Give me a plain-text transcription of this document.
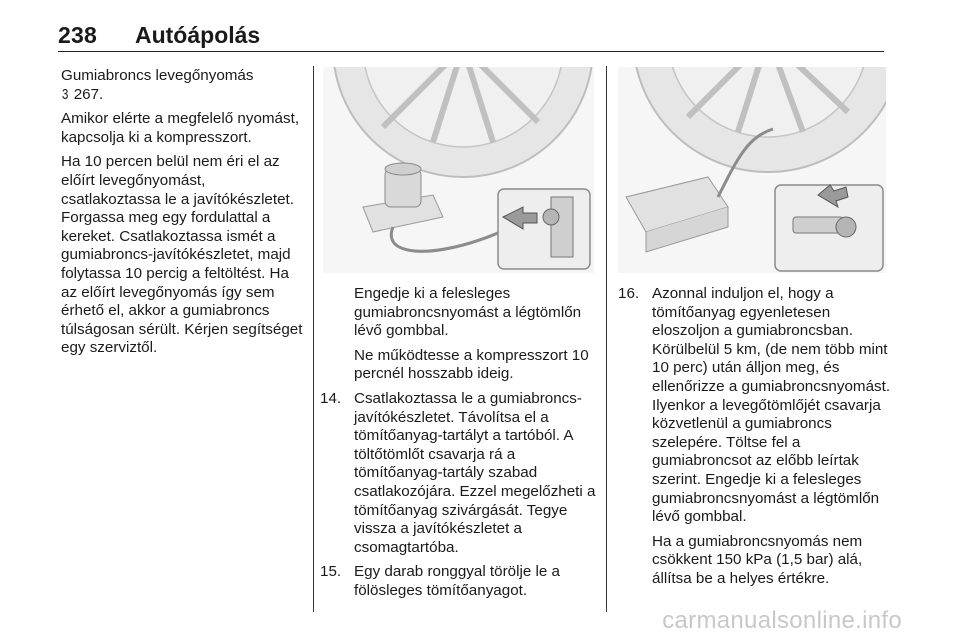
238 Autóápolás

Gumiabroncs levegőnyomás
3 267.

Amikor elérte a megfelelő nyomást, kapcsolja ki a kompresszort.

Ha 10 percen belül nem éri el az előírt levegőnyomást, csatlakoztassa le a javítókészletet. Forgassa meg egy fordulattal a kereket. Csatlakoztassa ismét a gumiabroncs-javítókészletet, majd folytassa 10 percig a feltöltést. Ha az előírt levegőnyomás így sem érhető el, akkor a gumiabroncs túlságosan sérült. Kérjen segítséget egy szerviztől.

Engedje ki a felesleges gumiabroncsnyomást a légtömlőn lévő gombbal.

Ne működtesse a kompresszort 10 percnél hosszabb ideig.

14. Csatlakoztassa le a gumiabroncs-javítókészletet. Távolítsa el a tömítőanyag-tartályt a tartóból. A töltőtömlőt csavarja rá a tömítőanyag-tartály szabad csatlakozójára. Ezzel megelőzheti a tömítőanyag szivárgását. Tegye vissza a javítókészletet a csomagtartóba.
15. Egy darab ronggyal törölje le a fölösleges tömítőanyagot.
16. Azonnal induljon el, hogy a tömítőanyag egyenletesen eloszoljon a gumiabroncsban. Körülbelül 5 km, (de nem több mint 10 perc) után álljon meg, és ellenőrizze a gumiabroncsnyomást. Ilyenkor a levegőtömlőjét csavarja közvetlenül a gumiabroncs szelepére. Töltse fel a gumiabroncsot az előbb leírtak szerint. Engedje ki a felesleges gumiabroncsnyomást a légtömlőn lévő gombbal.

Ha a gumiabroncsnyomás nem csökkent 150 kPa (1,5 bar) alá, állítsa be a helyes értékre.

carmanualsonline.info
